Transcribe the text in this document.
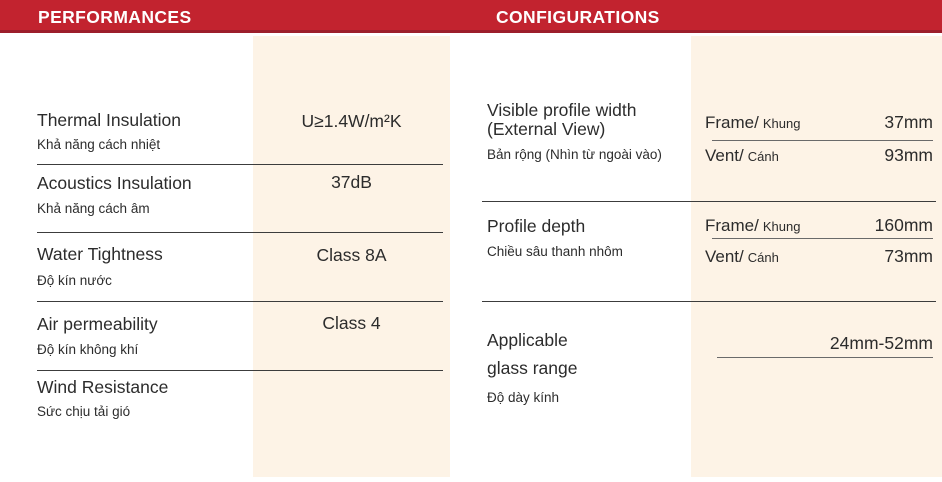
PERFORMANCES	CONFIGURATIONS
Thermal Insulation
Khả năng cách nhiệt
U≥1.4W/m²K
Acoustics Insulation
Khả năng cách âm
37dB
Water Tightness
Độ kín nước
Class 8A
Air permeability
Độ kín không khí
Class 4
Wind Resistance
Sức chịu tải gió
Visible profile width
(External View)
Bản rộng (Nhìn từ ngoài vào)
Frame/ Khung	37mm
Vent/ Cánh	93mm
Profile depth
Chiều sâu thanh nhôm
Frame/ Khung	160mm
Vent/ Cánh	73mm
Applicable
glass range
Độ dày kính
24mm-52mm
